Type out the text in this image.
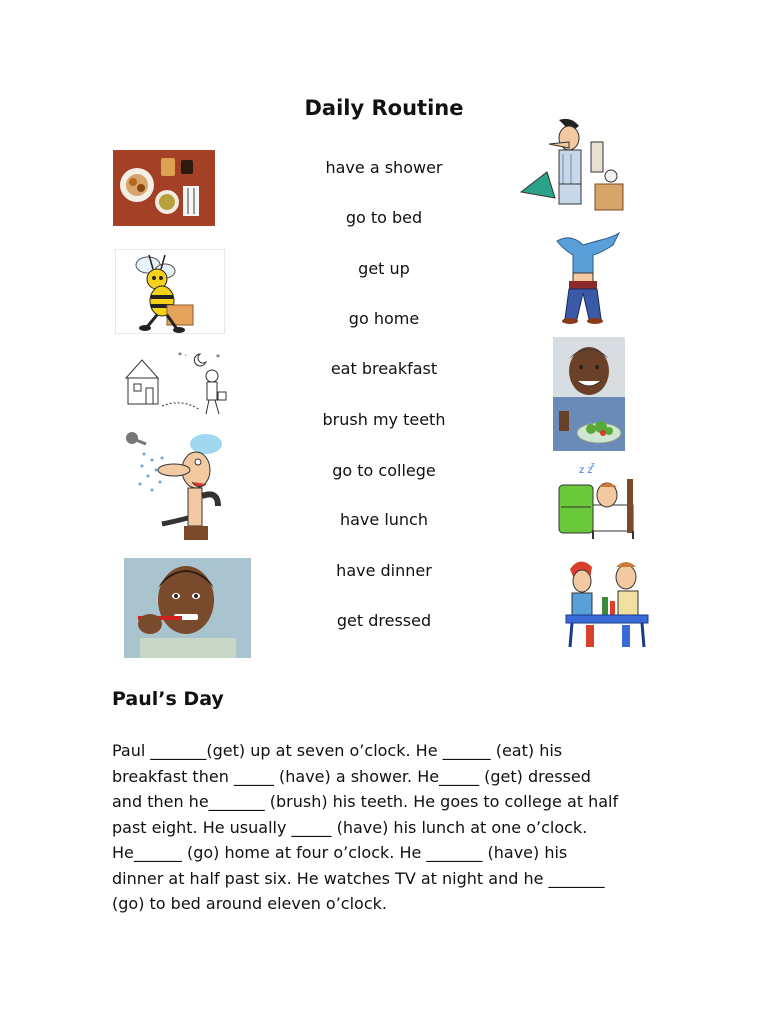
Daily Routine
have a shower
go to bed
get up
go home
eat breakfast
brush my teeth
go to college
have lunch
have dinner
get dressed
* ·	*
z z
z
Paul’s Day
Paul _______(get) up at seven o’clock. He ______ (eat) his
breakfast then _____ (have) a shower. He_____ (get) dressed
and then he_______ (brush) his teeth. He goes to college at half
past eight. He usually _____ (have) his lunch at one o’clock.
He______ (go) home at four o’clock. He _______ (have) his
dinner at half past six. He watches TV at night and he _______
(go) to bed around eleven o’clock.
